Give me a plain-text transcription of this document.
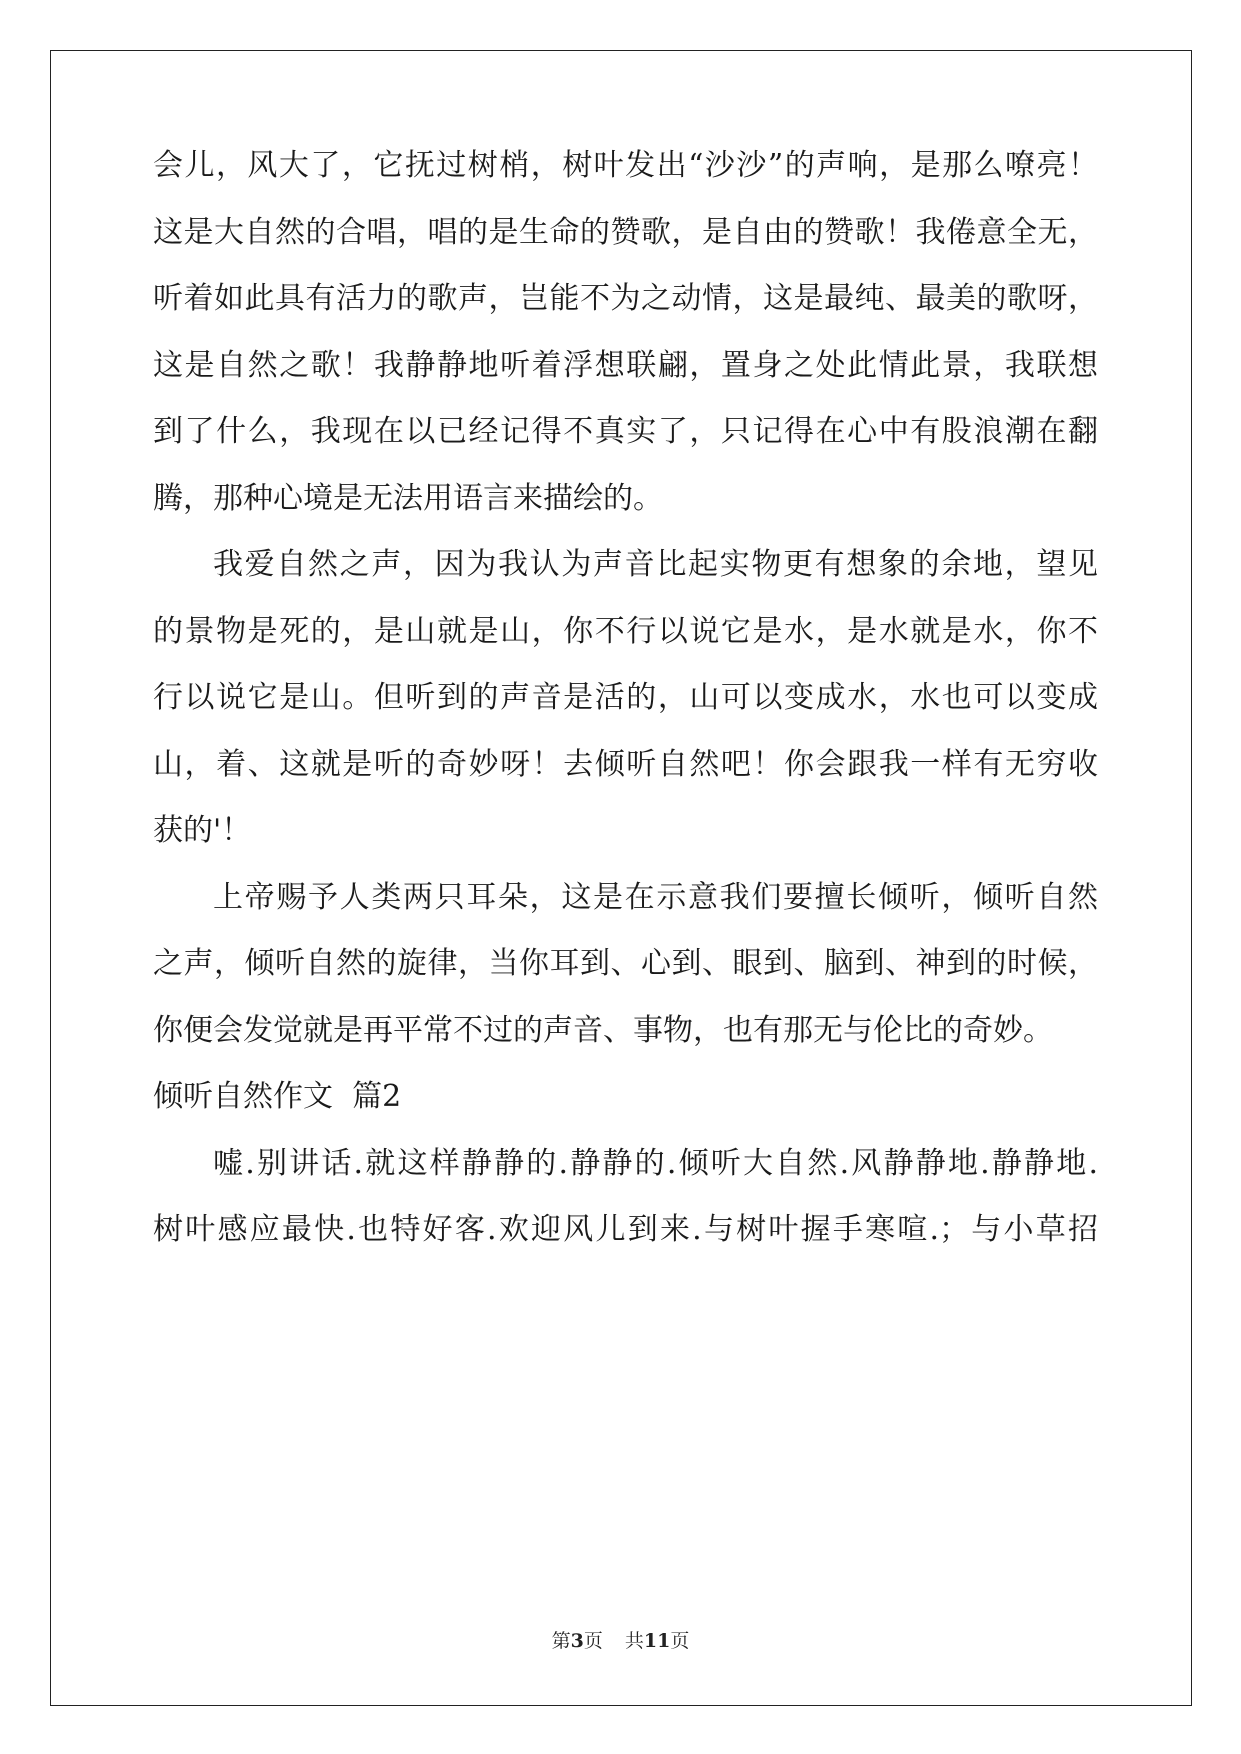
会儿，风大了，它抚过树梢，树叶发出“沙沙”的声响，是那么嘹亮！
这是大自然的合唱，唱的是生命的赞歌，是自由的赞歌！我倦意全无，
听着如此具有活力的歌声，岂能不为之动情，这是最纯、最美的歌呀，
这是自然之歌！我静静地听着浮想联翩，置身之处此情此景，我联想
到了什么，我现在以已经记得不真实了，只记得在心中有股浪潮在翻
腾，那种心境是无法用语言来描绘的。
我爱自然之声，因为我认为声音比起实物更有想象的余地，望见
的景物是死的，是山就是山，你不行以说它是水，是水就是水，你不
行以说它是山。但听到的声音是活的，山可以变成水，水也可以变成
山，着、这就是听的奇妙呀！去倾听自然吧！你会跟我一样有无穷收
获的'！
上帝赐予人类两只耳朵，这是在示意我们要擅长倾听，倾听自然
之声，倾听自然的旋律，当你耳到、心到、眼到、脑到、神到的时候，
你便会发觉就是再平常不过的声音、事物，也有那无与伦比的奇妙。
倾听自然作文  篇2
嘘.别讲话.就这样静静的.静静的.倾听大自然.风静静地.静静地.
树叶感应最快.也特好客.欢迎风儿到来.与树叶握手寒喧.；与小草招
第3页 共11页
